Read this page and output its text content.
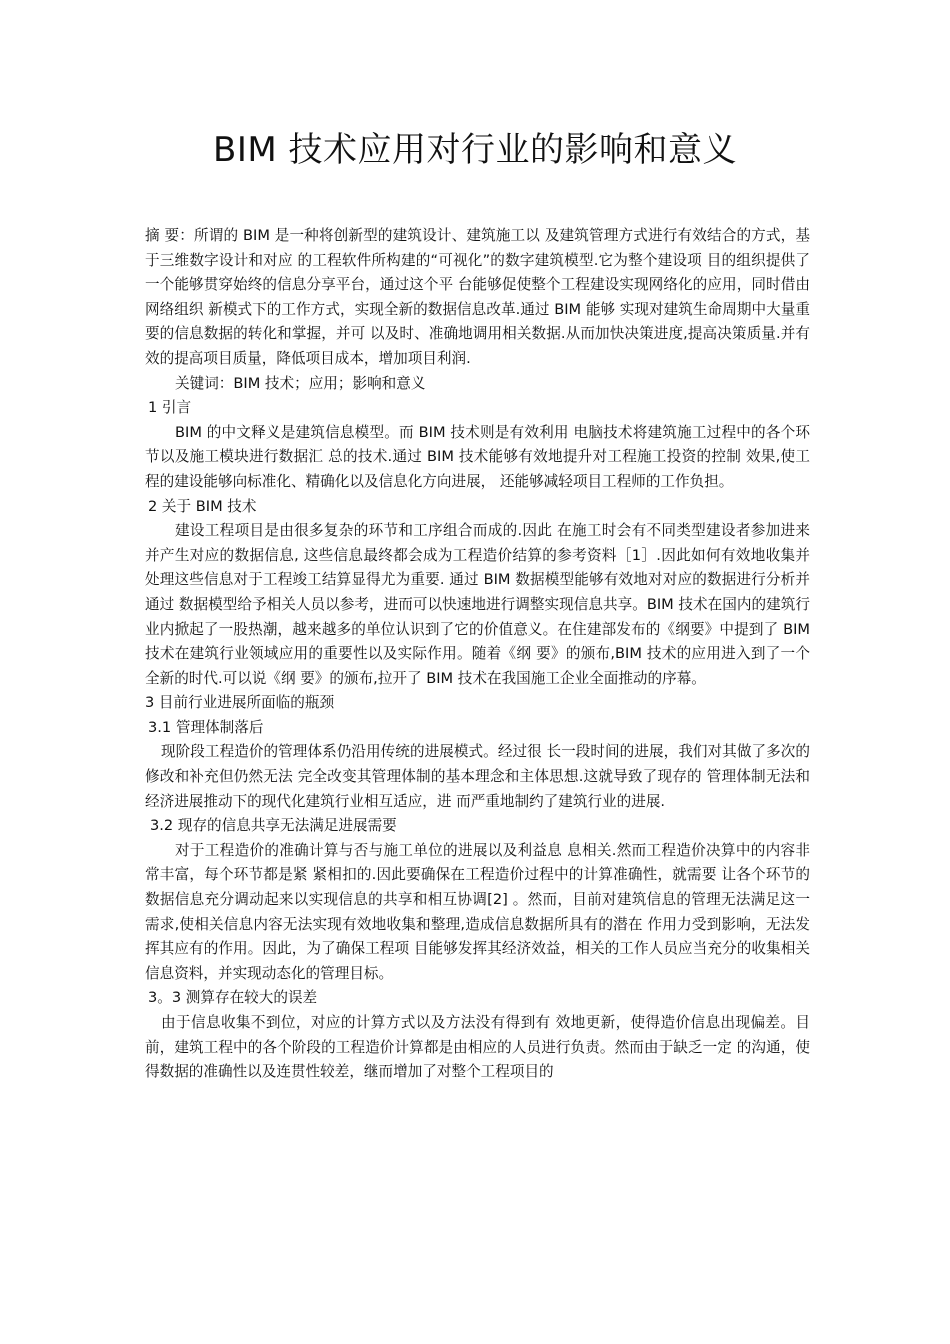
BIM 技术应用对行业的影响和意义

摘 要：所谓的 BIM 是一种将创新型的建筑设计、建筑施工以 及建筑管理方式进行有效结合的方式，基于三维数字设计和对应 的工程软件所构建的“可视化”的数字建筑模型.它为整个建设项 目的组织提供了一个能够贯穿始终的信息分享平台，通过这个平 台能够促使整个工程建设实现网络化的应用，同时借由网络组织 新模式下的工作方式，实现全新的数据信息改革.通过 BIM 能够 实现对建筑生命周期中大量重要的信息数据的转化和掌握，并可 以及时、准确地调用相关数据.从而加快决策进度,提高决策质量.并有效的提高项目质量，降低项目成本，增加项目利润.

关键词：BIM 技术；应用；影响和意义

1 引言

BIM 的中文释义是建筑信息模型。而 BIM 技术则是有效利用 电脑技术将建筑施工过程中的各个环节以及施工模块进行数据汇 总的技术.通过 BIM 技术能够有效地提升对工程施工投资的控制 效果,使工程的建设能够向标准化、精确化以及信息化方向进展， 还能够减轻项目工程师的工作负担。

2 关于 BIM 技术

建设工程项目是由很多复杂的环节和工序组合而成的.因此 在施工时会有不同类型建设者参加进来并产生对应的数据信息, 这些信息最终都会成为工程造价结算的参考资料［1］.因此如何有效地收集并处理这些信息对于工程竣工结算显得尤为重要. 通过 BIM 数据模型能够有效地对对应的数据进行分析并通过 数据模型给予相关人员以参考，进而可以快速地进行调整实现信息共享。BIM 技术在国内的建筑行业内掀起了一股热潮，越来越多的单位认识到了它的价值意义。在住建部发布的《纲要》中提到了 BIM 技术在建筑行业领域应用的重要性以及实际作用。随着《纲 要》的颁布,BIM 技术的应用进入到了一个全新的时代.可以说《纲 要》的颁布,拉开了 BIM 技术在我国施工企业全面推动的序幕。

3 目前行业进展所面临的瓶颈

3.1 管理体制落后

现阶段工程造价的管理体系仍沿用传统的进展模式。经过很 长一段时间的进展，我们对其做了多次的修改和补充但仍然无法 完全改变其管理体制的基本理念和主体思想.这就导致了现存的 管理体制无法和经济进展推动下的现代化建筑行业相互适应，进 而严重地制约了建筑行业的进展.

3.2 现存的信息共享无法满足进展需要

对于工程造价的准确计算与否与施工单位的进展以及利益息 息相关.然而工程造价决算中的内容非常丰富，每个环节都是紧 紧相扣的.因此要确保在工程造价过程中的计算准确性，就需要 让各个环节的数据信息充分调动起来以实现信息的共享和相互协调[2] 。然而，目前对建筑信息的管理无法满足这一需求,使相关信息内容无法实现有效地收集和整理,造成信息数据所具有的潜在 作用力受到影响，无法发挥其应有的作用。因此，为了确保工程项 目能够发挥其经济效益，相关的工作人员应当充分的收集相关信息资料，并实现动态化的管理目标。

3。3 测算存在较大的误差

由于信息收集不到位，对应的计算方式以及方法没有得到有 效地更新，使得造价信息出现偏差。目前，建筑工程中的各个阶段的工程造价计算都是由相应的人员进行负责。然而由于缺乏一定 的沟通，使得数据的准确性以及连贯性较差，继而增加了对整个工程项目的
